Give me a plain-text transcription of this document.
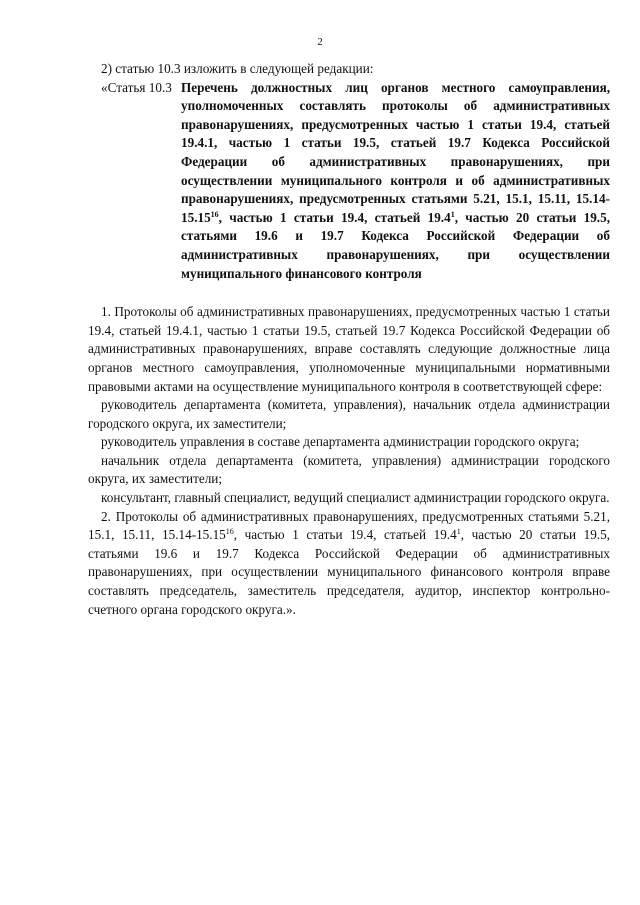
2

2) статью 10.3 изложить в следующей редакции:

«Статья 10.3 Перечень должностных лиц органов местного самоуправления, уполномоченных составлять протоколы об административных правонарушениях, предусмотренных частью 1 статьи 19.4, статьей 19.4.1, частью 1 статьи 19.5, статьей 19.7 Кодекса Российской Федерации об административных правонарушениях, при осуществлении муниципального контроля и об административных правонарушениях, предусмотренных статьями 5.21, 15.1, 15.11, 15.14-15.15$^{16}$, частью 1 статьи 19.4, статьей 19.4$^1$, частью 20 статьи 19.5, статьями 19.6 и 19.7 Кодекса Российской Федерации об административных правонарушениях, при осуществлении муниципального финансового контроля

1. Протоколы об административных правонарушениях, предусмотренных частью 1 статьи 19.4, статьей 19.4.1, частью 1 статьи 19.5, статьей 19.7 Кодекса Российской Федерации об административных правонарушениях, вправе составлять следующие должностные лица органов местного самоуправления, уполномоченные муниципальными нормативными правовыми актами на осуществление муниципального контроля в соответствующей сфере:

руководитель департамента (комитета, управления), начальник отдела администрации городского округа, их заместители;

руководитель управления в составе департамента администрации городского округа;

начальник отдела департамента (комитета, управления) администрации городского округа, их заместители;

консультант, главный специалист, ведущий специалист администрации городского округа.

2. Протоколы об административных правонарушениях, предусмотренных статьями 5.21, 15.1, 15.11, 15.14-15.15$^{16}$, частью 1 статьи 19.4, статьей 19.4$^1$, частью 20 статьи 19.5, статьями 19.6 и 19.7 Кодекса Российской Федерации об административных правонарушениях, при осуществлении муниципального финансового контроля вправе составлять председатель, заместитель председателя, аудитор, инспектор контрольно-счетного органа городского округа.».
